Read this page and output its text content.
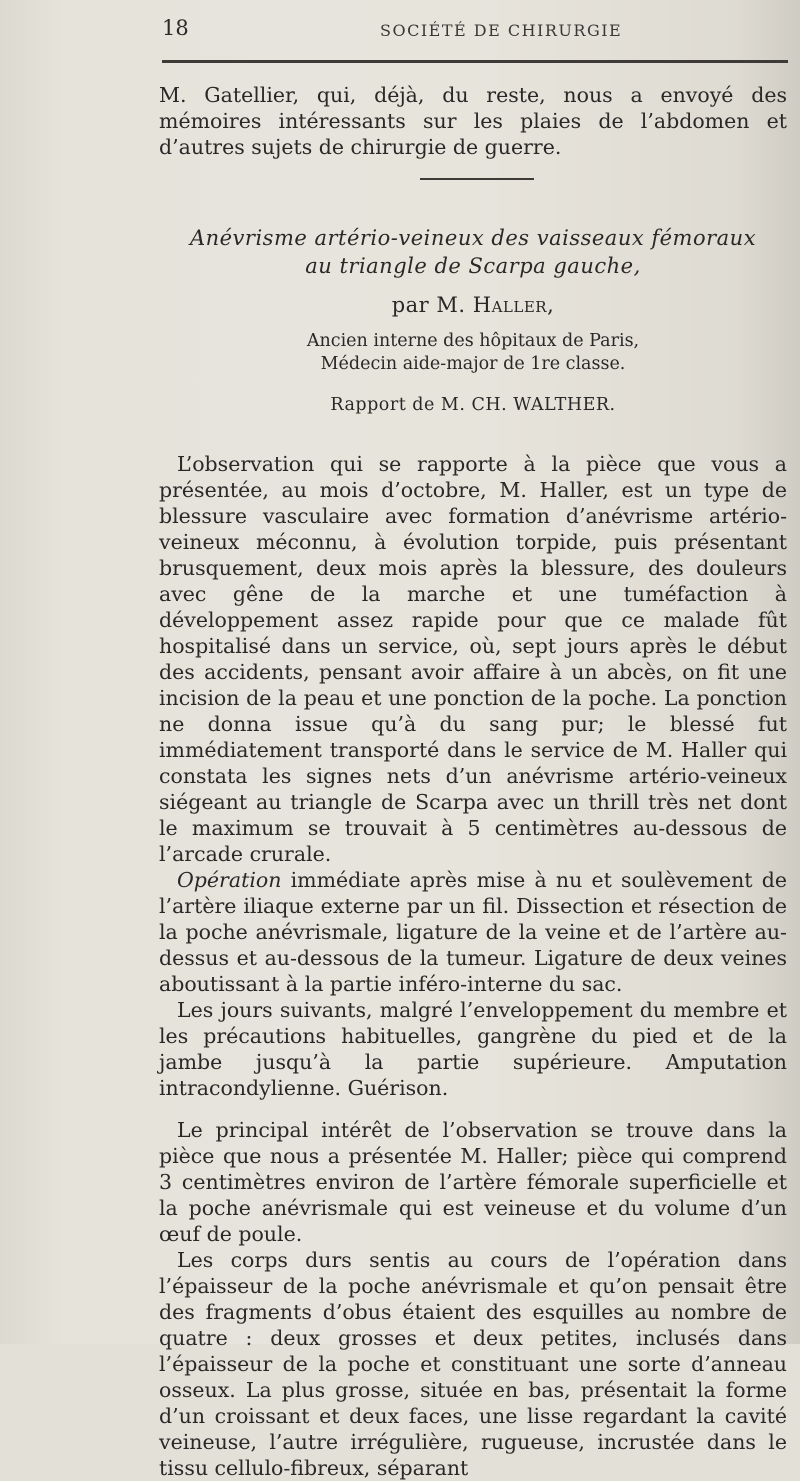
18	SOCIÉTÉ DE CHIRURGIE

M. Gatellier, qui, déjà, du reste, nous a envoyé des mémoires intéressants sur les plaies de l’abdomen et d’autres sujets de chirurgie de guerre.

Anévrisme artério-veineux des vaisseaux fémoraux
au triangle de Scarpa gauche,
par M. Haller,
Ancien interne des hôpitaux de Paris,
Médecin aide-major de 1re classe.
Rapport de M. CH. WALTHER.

L’observation qui se rapporte à la pièce que vous a présentée, au mois d’octobre, M. Haller, est un type de blessure vasculaire avec formation d’anévrisme artério-veineux méconnu, à évolution torpide, puis présentant brusquement, deux mois après la blessure, des douleurs avec gêne de la marche et une tuméfaction à développement assez rapide pour que ce malade fût hospitalisé dans un service, où, sept jours après le début des accidents, pensant avoir affaire à un abcès, on fit une incision de la peau et une ponction de la poche. La ponction ne donna issue qu’à du sang pur; le blessé fut immédiatement transporté dans le service de M. Haller qui constata les signes nets d’un anévrisme artério-veineux siégeant au triangle de Scarpa avec un thrill très net dont le maximum se trouvait à 5 centimètres au-dessous de l’arcade crurale.

Opération immédiate après mise à nu et soulèvement de l’artère iliaque externe par un fil. Dissection et résection de la poche anévrismale, ligature de la veine et de l’artère au-dessus et au-dessous de la tumeur. Ligature de deux veines aboutissant à la partie inféro-interne du sac.

Les jours suivants, malgré l’enveloppement du membre et les précautions habituelles, gangrène du pied et de la jambe jusqu’à la partie supérieure. Amputation intracondylienne. Guérison.

Le principal intérêt de l’observation se trouve dans la pièce que nous a présentée M. Haller; pièce qui comprend 3 centimètres environ de l’artère fémorale superficielle et la poche anévrismale qui est veineuse et du volume d’un œuf de poule.

Les corps durs sentis au cours de l’opération dans l’épaisseur de la poche anévrismale et qu’on pensait être des fragments d’obus étaient des esquilles au nombre de quatre : deux grosses et deux petites, inclusés dans l’épaisseur de la poche et constituant une sorte d’anneau osseux. La plus grosse, située en bas, présentait la forme d’un croissant et deux faces, une lisse regardant la cavité veineuse, l’autre irrégulière, rugueuse, incrustée dans le tissu cellulo-fibreux, séparant
